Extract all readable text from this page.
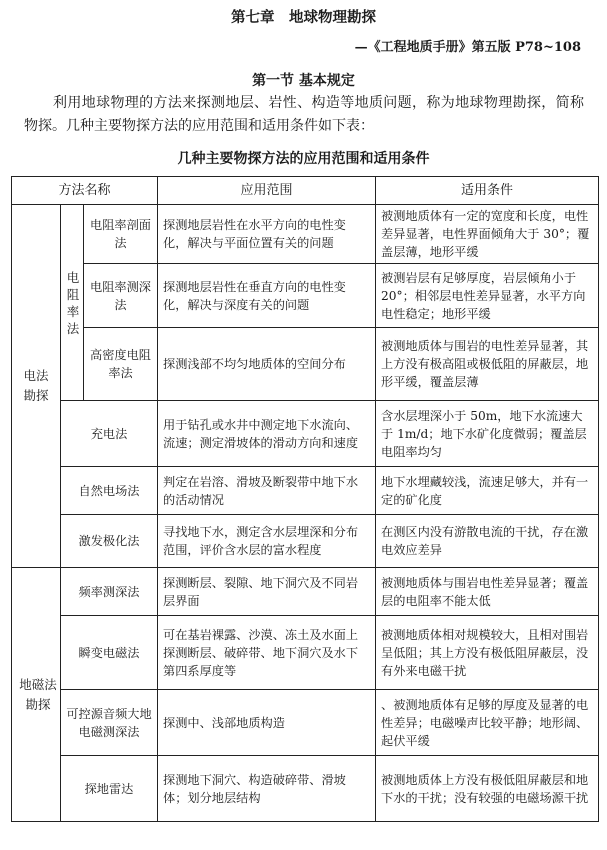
第七章　地球物理勘探
—《工程地质手册》第五版 P78~108
第一节 基本规定
利用地球物理的方法来探测地层、岩性、构造等地质问题，称为地球物理勘探，简称物探。几种主要物探方法的应用范围和适用条件如下表：
几种主要物探方法的应用范围和适用条件
方法名称			应用范围	适用条件

电法勘探	电阻率法	电阻率剖面法	探测地层岩性在水平方向的电性变化，解决与平面位置有关的问题	被测地质体有一定的宽度和长度，电性差异显著，电性界面倾角大于 30°；覆盖层薄，地形平缓
		电阻率测深法	探测地层岩性在垂直方向的电性变化，解决与深度有关的问题	被测岩层有足够厚度，岩层倾角小于 20°；相邻层电性差异显著，水平方向电性稳定；地形平缓
		高密度电阻率法	探测浅部不均匀地质体的空间分布	被测地质体与围岩的电性差异显著，其上方没有极高阻或极低阻的屏蔽层，地形平缓，覆盖层薄
	充电法		用于钻孔或水井中测定地下水流向、流速；测定滑坡体的滑动方向和速度	含水层埋深小于 50m，地下水流速大于 1m/d；地下水矿化度微弱；覆盖层电阻率均匀
	自然电场法		判定在岩溶、滑坡及断裂带中地下水的活动情况	地下水埋藏较浅，流速足够大，并有一定的矿化度
	激发极化法		寻找地下水，测定含水层埋深和分布范围，评价含水层的富水程度	在测区内没有游散电流的干扰，存在激电效应差异

地磁法勘探	频率测深法		探测断层、裂隙、地下洞穴及不同岩层界面	被测地质体与围岩电性差异显著；覆盖层的电阻率不能太低
	瞬变电磁法		可在基岩裸露、沙漠、冻土及水面上探测断层、破碎带、地下洞穴及水下第四系厚度等	被测地质体相对规模较大，且相对围岩呈低阻；其上方没有极低阻屏蔽层，没有外来电磁干扰
	可控源音频大地电磁测深法		探测中、浅部地质构造	、被测地质体有足够的厚度及显著的电性差异；电磁噪声比较平静；地形阔、起伏平缓
	探地雷达		探测地下洞穴、构造破碎带、滑坡体；划分地层结构	被测地质体上方没有极低阻屏蔽层和地下水的干扰；没有较强的电磁场源干扰
